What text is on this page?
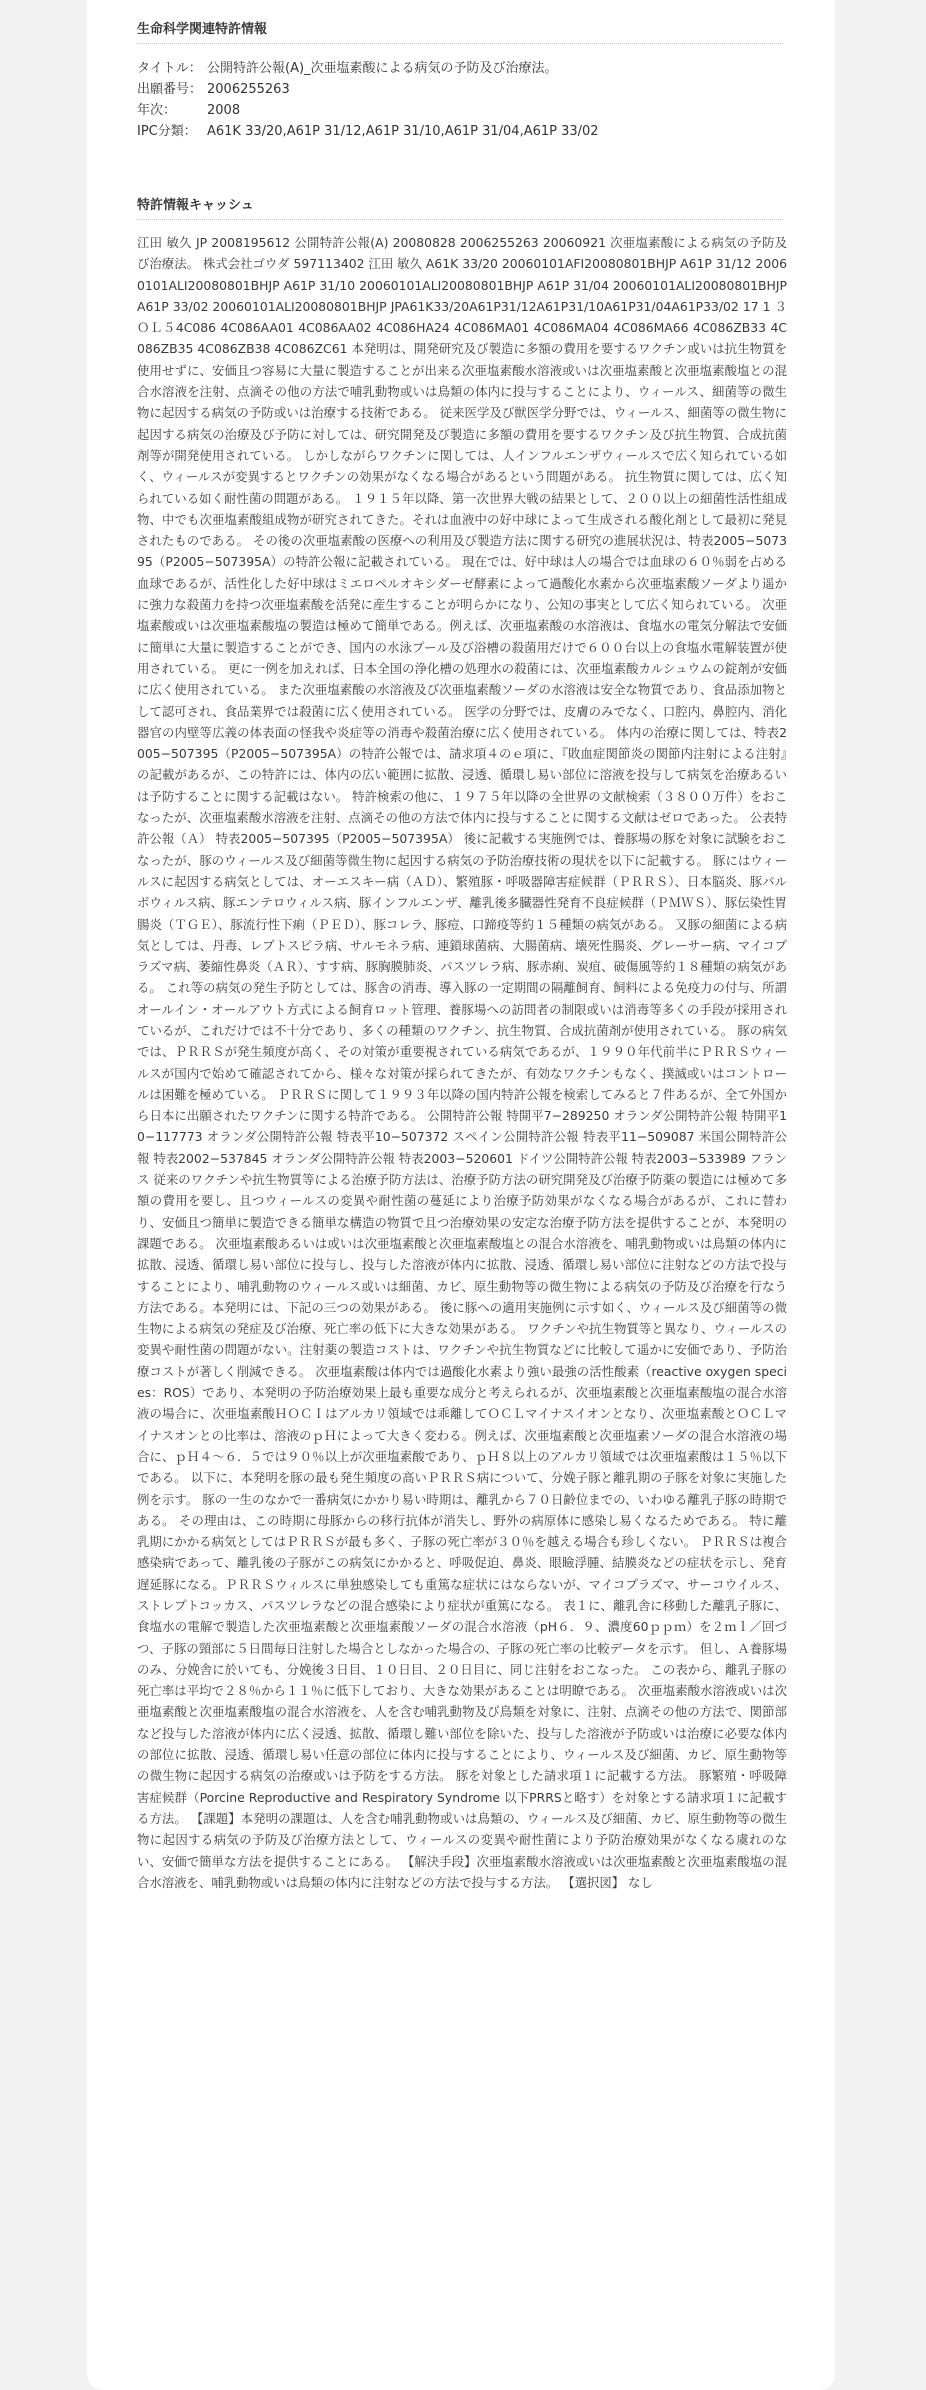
生命科学関連特許情報
タイトル：	公開特許公報(A)_次亜塩素酸による病気の予防及び治療法。
出願番号：	2006255263
年次：	2008
IPC分類：	A61K 33/20,A61P 31/12,A61P 31/10,A61P 31/04,A61P 33/02
特許情報キャッシュ
江田 敏久 JP 2008195612 公開特許公報(A) 20080828 2006255263 20060921 次亜塩素酸による病気の予防及び治療法。 株式会社ゴウダ 597113402 江田 敏久 A61K 33/20 20060101AFI20080801BHJP A61P 31/12 20060101ALI20080801BHJP A61P 31/10 20060101ALI20080801BHJP A61P 31/04 20060101ALI20080801BHJP A61P 33/02 20060101ALI20080801BHJP JPA61K33/20A61P31/12A61P31/10A61P31/04A61P33/02 17 1 ３ＯＬ５4C086 4C086AA01 4C086AA02 4C086HA24 4C086MA01 4C086MA04 4C086MA66 4C086ZB33 4C086ZB35 4C086ZB38 4C086ZC61 本発明は、開発研究及び製造に多額の費用を要するワクチン或いは抗生物質を使用せずに、安価且つ容易に大量に製造することが出来る次亜塩素酸水溶液或いは次亜塩素酸と次亜塩素酸塩との混合水溶液を注射、点滴その他の方法で哺乳動物或いは鳥類の体内に投与することにより、ウィールス、細菌等の微生物に起因する病気の予防或いは治療する技術である。 従来医学及び獣医学分野では、ウィールス、細菌等の微生物に起因する病気の治療及び予防に対しては、研究開発及び製造に多額の費用を要するワクチン及び抗生物質、合成抗菌剤等が開発使用されている。 しかしながらワクチンに関しては、人インフルエンザウィールスで広く知られている如く、ウィールスが変異するとワクチンの効果がなくなる場合があるという問題がある。 抗生物質に関しては、広く知られている如く耐性菌の問題がある。 １９１５年以降、第一次世界大戦の結果として、２００以上の細菌性活性組成物、中でも次亜塩素酸組成物が研究されてきた。それは血液中の好中球によって生成される酸化剤として最初に発見されたものである。 その後の次亜塩素酸の医療への利用及び製造方法に関する研究の進展状況は、特表2005−507395（P2005−507395A）の特許公報に記載されている。 現在では、好中球は人の場合では血球の６０％弱を占める血球であるが、活性化した好中球はミエロペルオキシダーゼ酵素によって過酸化水素から次亜塩素酸ソーダより遥かに強力な殺菌力を持つ次亜塩素酸を活発に産生することが明らかになり、公知の事実として広く知られている。 次亜塩素酸或いは次亜塩素酸塩の製造は極めて簡単である。例えば、次亜塩素酸の水溶液は、食塩水の電気分解法で安価に簡単に大量に製造することができ、国内の水泳プール及び浴槽の殺菌用だけで６００台以上の食塩水電解装置が使用されている。 更に一例を加えれば、日本全国の浄化槽の処理水の殺菌には、次亜塩素酸カルシュウムの錠剤が安価に広く使用されている。 また次亜塩素酸の水溶液及び次亜塩素酸ソーダの水溶液は安全な物質であり、食品添加物として認可され、食品業界では殺菌に広く使用されている。 医学の分野では、皮膚のみでなく、口腔内、鼻腔内、消化器官の内壁等広義の体表面の怪我や炎症等の消毒や殺菌治療に広く使用されている。 体内の治療に関しては、特表2005−507395（P2005−507395A）の特許公報では、請求項４のｅ項に、『敗血症関節炎の関節内注射による注射』の記載があるが、この特許には、体内の広い範囲に拡散、浸透、循環し易い部位に溶液を投与して病気を治療あるいは予防することに関する記載はない。 特許検索の他に、１９７５年以降の全世界の文献検索（３８００万件）をおこなったが、次亜塩素酸水溶液を注射、点滴その他の方法で体内に投与することに関する文献はゼロであった。 公表特許公報（Ａ） 特表2005−507395（P2005−507395A） 後に記載する実施例では、養豚場の豚を対象に試験をおこなったが、豚のウィールス及び細菌等微生物に起因する病気の予防治療技術の現状を以下に記載する。 豚にはウィールスに起因する病気としては、オーエスキー病（ＡＤ）、繁殖豚・呼吸器障害症候群（ＰＲＲＳ）、日本脳炎、豚パルボウィルス病、豚エンテロウィルス病、豚インフルエンザ、離乳後多臓器性発育不良症候群（ＰＭＷＳ）、豚伝染性胃腸炎（ＴＧＥ）、豚流行性下痢（ＰＥＤ）、豚コレラ、豚痘、口蹄疫等約１５種類の病気がある。 又豚の細菌による病気としては、丹毒、レプトスピラ病、サルモネラ病、連鎖球菌病、大腸菌病、壊死性腸炎、グレーサー病、マイコプラズマ病、萎縮性鼻炎（ＡＲ）、すす病、豚胸膜肺炎、パスツレラ病、豚赤痢、炭疽、破傷風等約１８種類の病気がある。 これ等の病気の発生予防としては、豚舎の消毒、導入豚の一定期間の隔離飼育、飼料による免疫力の付与、所謂オールイン・オールアウト方式による飼育ロット管理、養豚場への訪問者の制限或いは消毒等多くの手段が採用されているが、これだけでは不十分であり、多くの種類のワクチン、抗生物質、合成抗菌剤が使用されている。 豚の病気では、ＰＲＲＳが発生頻度が高く、その対策が重要視されている病気であるが、１９９０年代前半にＰＲＲＳウィールスが国内で始めて確認されてから、様々な対策が採られてきたが、有効なワクチンもなく、撲滅或いはコントロールは困難を極めている。 ＰＲＲＳに関して１９９３年以降の国内特許公報を検索してみると７件あるが、全て外国から日本に出願されたワクチンに関する特許である。 公開特許公報 特開平7−289250 オランダ公開特許公報 特開平10−117773 オランダ公開特許公報 特表平10−507372 スペイン公開特許公報 特表平11−509087 米国公開特許公報 特表2002−537845 オランダ公開特許公報 特表2003−520601 ドイツ公開特許公報 特表2003−533989 フランス 従来のワクチンや抗生物質等による治療予防方法は、治療予防方法の研究開発及び治療予防薬の製造には極めて多額の費用を要し、且つウィールスの変異や耐性菌の蔓延により治療予防効果がなくなる場合があるが、これに替わり、安価且つ簡単に製造できる簡単な構造の物質で且つ治療効果の安定な治療予防方法を提供することが、本発明の課題である。 次亜塩素酸あるいは或いは次亜塩素酸と次亜塩素酸塩との混合水溶液を、哺乳動物或いは鳥類の体内に拡散、浸透、循環し易い部位に投与し、投与した溶液が体内に拡散、浸透、循環し易い部位に注射などの方法で投与することにより、哺乳動物のウィールス或いは細菌、カビ、原生動物等の微生物による病気の予防及び治療を行なう方法である。本発明には、下記の三つの効果がある。 後に豚への適用実施例に示す如く、ウィールス及び細菌等の微生物による病気の発症及び治療、死亡率の低下に大きな効果がある。 ワクチンや抗生物質等と異なり、ウィールスの変異や耐性菌の問題がない。注射薬の製造コストは、ワクチンや抗生物質などに比較して遥かに安価であり、予防治療コストが著しく削減できる。 次亜塩素酸は体内では過酸化水素より強い最強の活性酸素（reactive oxygen species：ROS）であり、本発明の予防治療効果上最も重要な成分と考えられるが、次亜塩素酸と次亜塩素酸塩の混合水溶液の場合に、次亜塩素酸ＨＯＣＩはアルカリ領域では乖離してＯＣＬマイナスイオンとなり、次亜塩素酸とＯＣＬマイナスオンとの比率は、溶液のｐＨによって大きく変わる。例えば、次亜塩素酸と次亜塩素ソーダの混合水溶液の場合に、ｐＨ４〜６．５では９０％以上が次亜塩素酸であり、ｐＨ８以上のアルカリ領域では次亜塩素酸は１５％以下である。 以下に、本発明を豚の最も発生頻度の高いＰＲＲＳ病について、分娩子豚と離乳期の子豚を対象に実施した例を示す。 豚の一生のなかで一番病気にかかり易い時期は、離乳から７０日齢位までの、いわゆる離乳子豚の時期である。 その理由は、この時期に母豚からの移行抗体が消失し、野外の病原体に感染し易くなるためである。 特に離乳期にかかる病気としてはＰＲＲＳが最も多く、子豚の死亡率が３０％を越える場合も珍しくない。 ＰＲＲＳは複合感染病であって、離乳後の子豚がこの病気にかかると、呼吸促迫、鼻炎、眼瞼浮腫、結膜炎などの症状を示し、発育遅延豚になる。ＰＲＲＳウィルスに単独感染しても重篤な症状にはならないが、マイコプラズマ、サーコウイルス、ストレプトコッカス、パスツレラなどの混合感染により症状が重篤になる。 表１に、離乳舎に移動した離乳子豚に、食塩水の電解で製造した次亜塩素酸と次亜塩素酸ソーダの混合水溶液（pH６．９、濃度60ｐｐｍ）を２ｍｌ／回づつ、子豚の頸部に５日間毎日注射した場合としなかった場合の、子豚の死亡率の比較データを示す。 但し、Ａ養豚場のみ、分娩舎に於いても、分娩後３日目、１０日目、２０日目に、同じ注射をおこなった。 この表から、離乳子豚の死亡率は平均で２８％から１１％に低下しており、大きな効果があることは明瞭である。 次亜塩素酸水溶液或いは次亜塩素酸と次亜塩素酸塩の混合水溶液を、人を含む哺乳動物及び鳥類を対象に、注射、点滴その他の方法で、関節部など投与した溶液が体内に広く浸透、拡散、循環し難い部位を除いた、投与した溶液が予防或いは治療に必要な体内の部位に拡散、浸透、循環し易い任意の部位に体内に投与することにより、ウィールス及び細菌、カビ、原生動物等の微生物に起因する病気の治療或いは予防をする方法。 豚を対象とした請求項１に記載する方法。 豚繁殖・呼吸障害症候群（Porcine Reproductive and Respiratory Syndrome 以下PRRSと略す）を対象とする請求項１に記載する方法。 【課題】本発明の課題は、人を含む哺乳動物或いは鳥類の、ウィールス及び細菌、カビ、原生動物等の微生物に起因する病気の予防及び治療方法として、ウィールスの変異や耐性菌により予防治療効果がなくなる虞れのない、安価で簡単な方法を提供することにある。 【解決手段】次亜塩素酸水溶液或いは次亜塩素酸と次亜塩素酸塩の混合水溶液を、哺乳動物或いは鳥類の体内に注射などの方法で投与する方法。 【選択図】 なし
